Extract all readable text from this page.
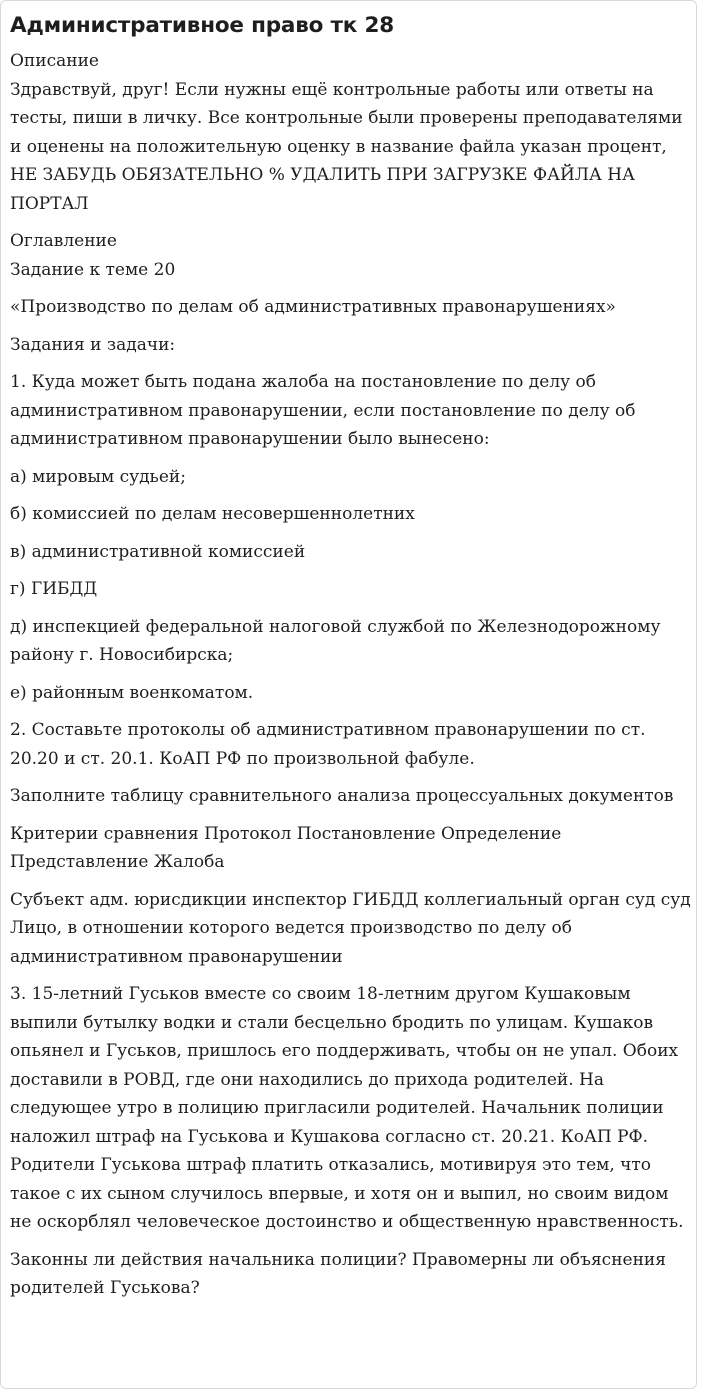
Административное право тк 28

Описание

Здравствуй, друг! Если нужны ещё контрольные работы или ответы на тесты, пиши в личку. Все контрольные были проверены преподавателями и оценены на положительную оценку в название файла указан процент, НЕ ЗАБУДЬ ОБЯЗАТЕЛЬНО % УДАЛИТЬ ПРИ ЗАГРУЗКЕ ФАЙЛА НА ПОРТАЛ

Оглавление

Задание к теме 20

«Производство по делам об административных правонарушениях»

Задания и задачи:

1. Куда может быть подана жалоба на постановление по делу об административном правонарушении, если постановление по делу об административном правонарушении было вынесено:

а) мировым судьей;

б) комиссией по делам несовершеннолетних

в) административной комиссией

г) ГИБДД

д) инспекцией федеральной налоговой службой по Железнодорожному району г. Новосибирска;

е) районным военкоматом.

2. Составьте протоколы об административном правонарушении по ст. 20.20 и ст. 20.1. КоАП РФ по произвольной фабуле.

Заполните таблицу сравнительного анализа процессуальных документов

Критерии сравнения Протокол Постановление Определение Представление Жалоба

Субъект адм. юрисдикции инспектор ГИБДД коллегиальный орган суд суд Лицо, в отношении которого ведется производство по делу об административном правонарушении

3. 15-летний Гуськов вместе со своим 18-летним другом Кушаковым выпили бутылку водки и стали бесцельно бродить по улицам. Кушаков опьянел и Гуськов, пришлось его поддерживать, чтобы он не упал. Обоих доставили в РОВД, где они находились до прихода родителей. На следующее утро в полицию пригласили родителей. Начальник полиции наложил штраф на Гуськова и Кушакова согласно ст. 20.21. КоАП РФ. Родители Гуськова штраф платить отказались, мотивируя это тем, что такое с их сыном случилось впервые, и хотя он и выпил, но своим видом не оскорблял человеческое достоинство и общественную нравственность.

Законны ли действия начальника полиции? Правомерны ли объяснения родителей Гуськова?
